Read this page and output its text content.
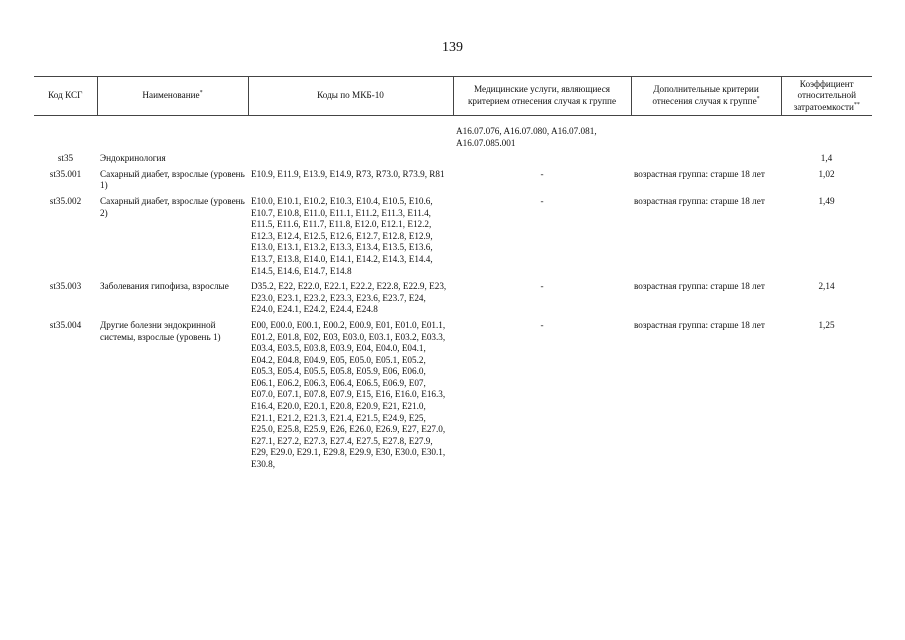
139
Код КСГ	Наименование*	Коды по МКБ-10	Медицинские услуги, являющиеся критерием отнесения случая к группе	Дополнительные критерии отнесения случая к группе*	Коэффициент относительной затратоемкости**

			A16.07.076, A16.07.080, A16.07.081, A16.07.085.001		
st35	Эндокринология				1,4
st35.001	Сахарный диабет, взрослые (уровень 1)	E10.9, E11.9, E13.9, E14.9, R73, R73.0, R73.9, R81	-	возрастная группа: старше 18 лет	1,02
st35.002	Сахарный диабет, взрослые (уровень 2)	E10.0, E10.1, E10.2, E10.3, E10.4, E10.5, E10.6, E10.7, E10.8, E11.0, E11.1, E11.2, E11.3, E11.4, E11.5, E11.6, E11.7, E11.8, E12.0, E12.1, E12.2, E12.3, E12.4, E12.5, E12.6, E12.7, E12.8, E12.9, E13.0, E13.1, E13.2, E13.3, E13.4, E13.5, E13.6, E13.7, E13.8, E14.0, E14.1, E14.2, E14.3, E14.4, E14.5, E14.6, E14.7, E14.8	-	возрастная группа: старше 18 лет	1,49
st35.003	Заболевания гипофиза, взрослые	D35.2, E22, E22.0, E22.1, E22.2, E22.8, E22.9, E23, E23.0, E23.1, E23.2, E23.3, E23.6, E23.7, E24, E24.0, E24.1, E24.2, E24.4, E24.8	-	возрастная группа: старше 18 лет	2,14
st35.004	Другие болезни эндокринной системы, взрослые (уровень 1)	E00, E00.0, E00.1, E00.2, E00.9, E01, E01.0, E01.1, E01.2, E01.8, E02, E03, E03.0, E03.1, E03.2, E03.3, E03.4, E03.5, E03.8, E03.9, E04, E04.0, E04.1, E04.2, E04.8, E04.9, E05, E05.0, E05.1, E05.2, E05.3, E05.4, E05.5, E05.8, E05.9, E06, E06.0, E06.1, E06.2, E06.3, E06.4, E06.5, E06.9, E07, E07.0, E07.1, E07.8, E07.9, E15, E16, E16.0, E16.3, E16.4, E20.0, E20.1, E20.8, E20.9, E21, E21.0, E21.1, E21.2, E21.3, E21.4, E21.5, E24.9, E25, E25.0, E25.8, E25.9, E26, E26.0, E26.9, E27, E27.0, E27.1, E27.2, E27.3, E27.4, E27.5, E27.8, E27.9, E29, E29.0, E29.1, E29.8, E29.9, E30, E30.0, E30.1, E30.8,	-	возрастная группа: старше 18 лет	1,25
